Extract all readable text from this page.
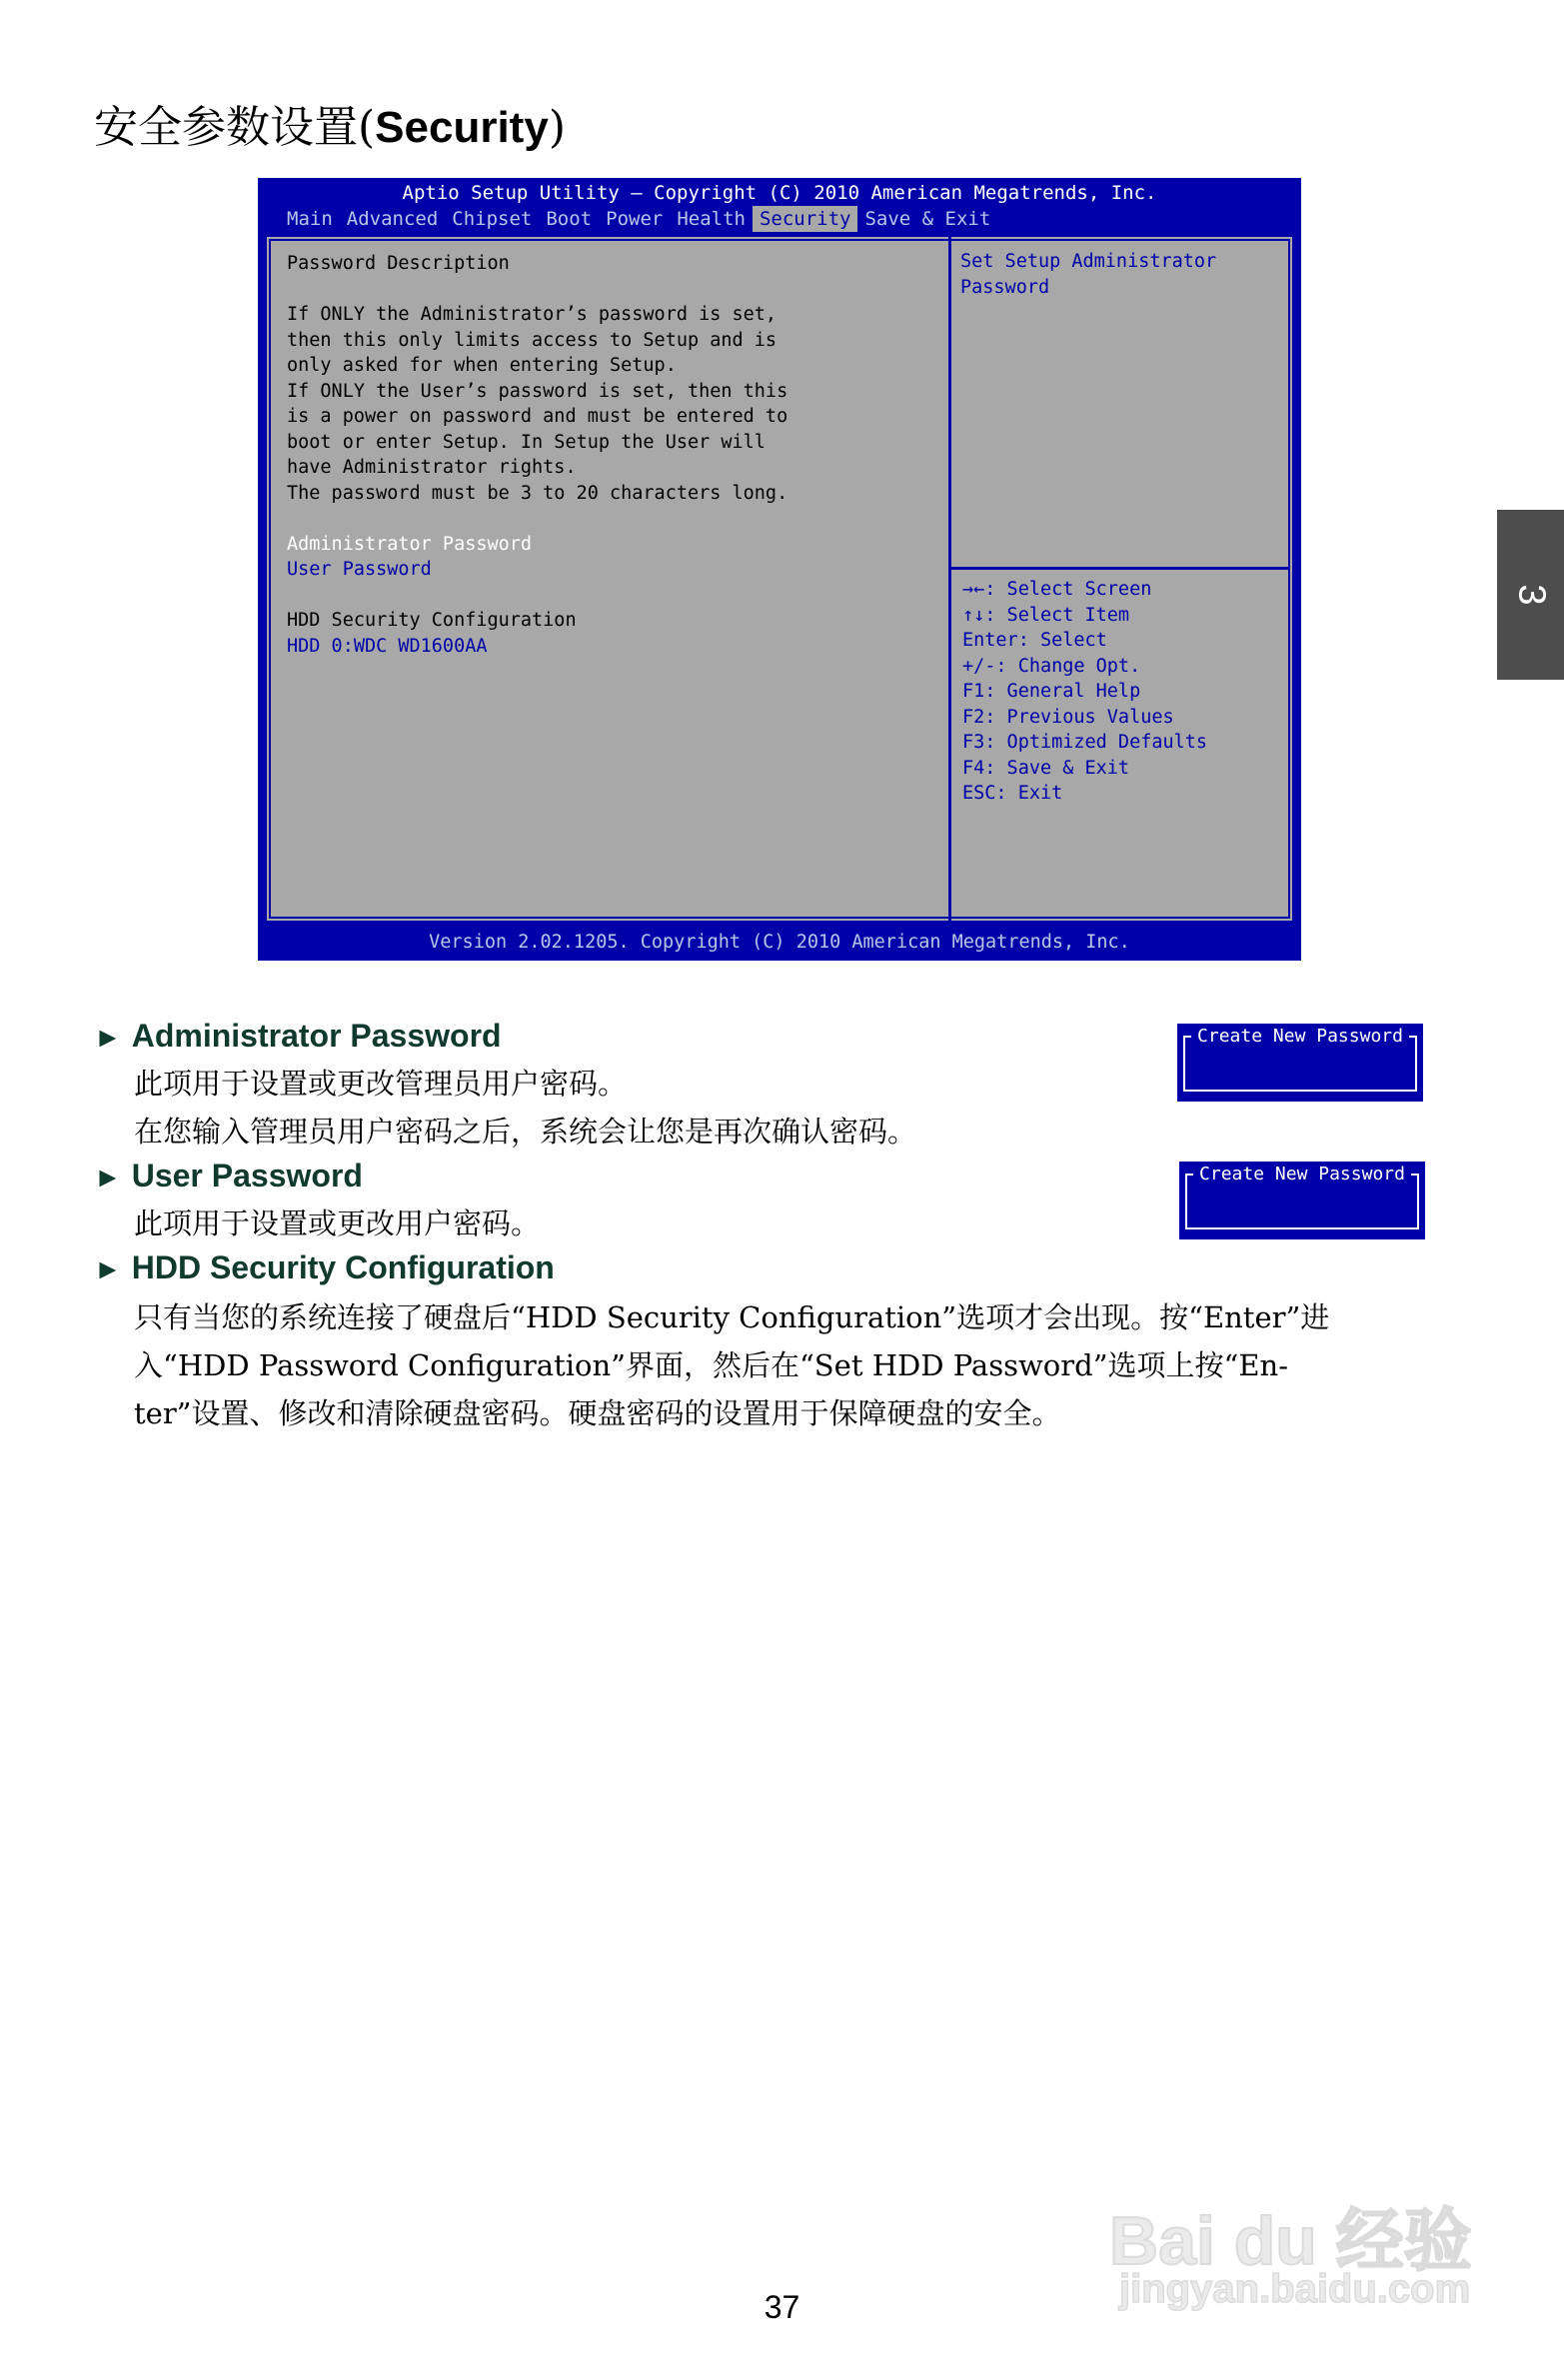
安全参数设置(Security)
3
Aptio Setup Utility – Copyright (C) 2010 American Megatrends, Inc.
Main Advanced Chipset Boot Power Health Security Save & Exit
Password Description
If ONLY the Administrator’s password is set,
then this only limits access to Setup and is
only asked for when entering Setup.
If ONLY the User’s password is set, then this
is a power on password and must be entered to
boot or enter Setup. In Setup the User will
have Administrator rights.
The password must be 3 to 20 characters long.
Administrator Password
User Password
HDD Security Configuration
HDD 0:WDC WD1600AA
Set Setup Administrator
Password
→←: Select Screen
↑↓: Select Item
Enter: Select
+/-: Change Opt.
F1: General Help
F2: Previous Values
F3: Optimized Defaults
F4: Save & Exit
ESC: Exit
Version 2.02.1205. Copyright (C) 2010 American Megatrends, Inc.
► Administrator Password
此项用于设置或更改管理员用户密码。
在您输入管理员用户密码之后，系统会让您是再次确认密码。
Create New Password
► User Password
此项用于设置或更改用户密码。
Create New Password
► HDD Security Configuration
只有当您的系统连接了硬盘后“HDD Security Configuration”选项才会出现。按“Enter”进
入“HDD Password Configuration”界面，然后在“Set HDD Password”选项上按“En-
ter”设置、修改和清除硬盘密码。硬盘密码的设置用于保障硬盘的安全。
Bai du 经验
jingyan.baidu.com
37
